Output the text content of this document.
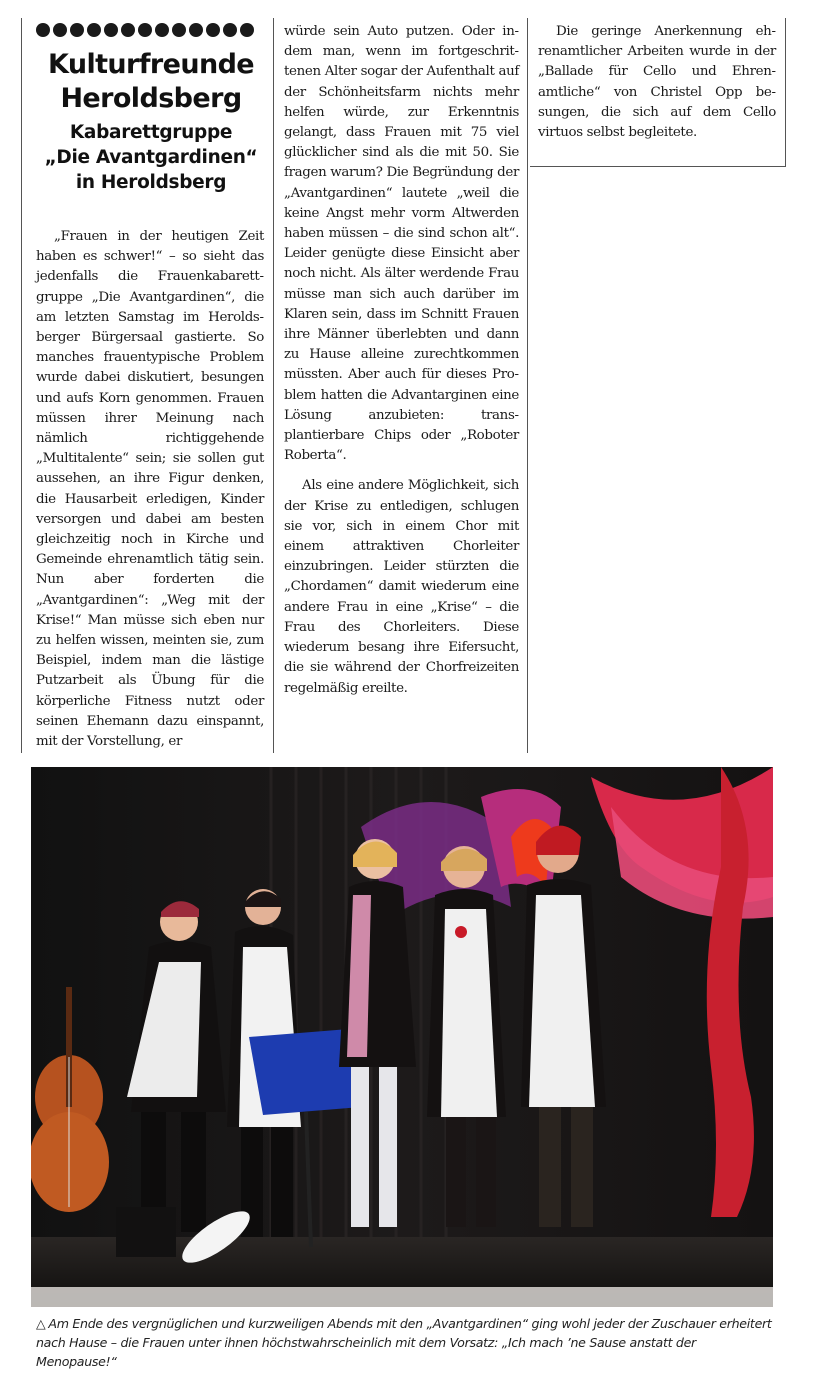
Kulturfreunde
Heroldsberg
Kabarettgruppe
„Die Avantgardinen“
in Heroldsberg

„Frauen in der heutigen Zeit haben es schwer!“ – so sieht das jedenfalls die Frauenkabarettgruppe „Die Avantgardinen“, die am letzten Samstag im Heroldsberger Bürgersaal gastierte. So manches frauentypische Problem wurde dabei diskutiert, besungen und aufs Korn genommen. Frauen müssen ihrer Meinung nach nämlich richtiggehende „Multitalente“ sein; sie sollen gut aussehen, an ihre Figur denken, die Hausarbeit erledigen, Kinder versorgen und dabei am besten gleichzeitig noch in Kirche und Gemeinde ehrenamtlich tätig sein. Nun aber forderten die „Avantgardinen“: „Weg mit der Krise!“ Man müsse sich eben nur zu helfen wissen, meinten sie, zum Beispiel, indem man die lästige Putzarbeit als Übung für die körperliche Fitness nutzt oder seinen Ehemann dazu einspannt, mit der Vorstellung, er

würde sein Auto putzen. Oder indem man, wenn im fortgeschrittenen Alter sogar der Aufenthalt auf der Schönheitsfarm nichts mehr helfen würde, zur Erkenntnis gelangt, dass Frauen mit 75 viel glücklicher sind als die mit 50. Sie fragen warum? Die Begründung der „Avantgardinen“ lautete „weil die keine Angst mehr vorm Altwerden haben müssen – die sind schon alt“. Leider genügte diese Einsicht aber noch nicht. Als älter werdende Frau müsse man sich auch darüber im Klaren sein, dass im Schnitt Frauen ihre Männer überlebten und dann zu Hause alleine zurechtkommen müssten. Aber auch für dieses Problem hatten die Advantarginen eine Lösung anzubieten: transplantierbare Chips oder „Roboter Roberta“.

Als eine andere Möglichkeit, sich der Krise zu entledigen, schlugen sie vor, sich in einem Chor mit einem attraktiven Chorleiter einzubringen. Leider stürzten die „Chordamen“ damit wiederum eine andere Frau in eine „Krise“ – die Frau des Chorleiters. Diese wiederum besang ihre Eifersucht, die sie während der Chorfreizeiten regelmäßig ereilte.

Die geringe Anerkennung ehrenamtlicher Arbeiten wurde in der „Ballade für Cello und Ehrenamtliche“ von Christel Opp besungen, die sich auf dem Cello virtuos selbst begleitete.

△ Am Ende des vergnüglichen und kurzweiligen Abends mit den „Avantgardinen“ ging wohl jeder der Zuschauer erheitert nach Hause – die Frauen unter ihnen höchstwahrscheinlich mit dem Vorsatz: „Ich mach ’ne Sause anstatt der Menopause!“
